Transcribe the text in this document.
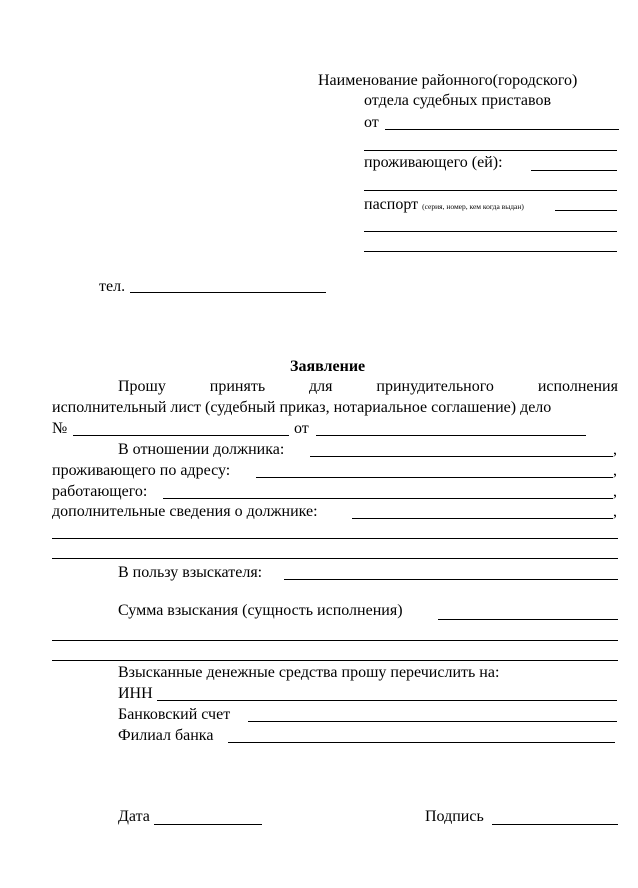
Наименование районного(городского)
отдела судебных приставов
от
проживающего (ей):
паспорт (серия, номер, кем когда выдан)
тел.
Заявление
Прошу	принять	для	принудительного	исполнения
исполнительный лист (судебный приказ, нотариальное соглашение) дело
№	от
В отношении должника:	,
проживающего по адресу:	,
работающего:	,
дополнительные сведения о должнике:	,
В пользу взыскателя:
Сумма взыскания (сущность исполнения)
Взысканные денежные средства прошу перечислить на:
ИНН
Банковский счет
Филиал банка
Дата	Подпись
